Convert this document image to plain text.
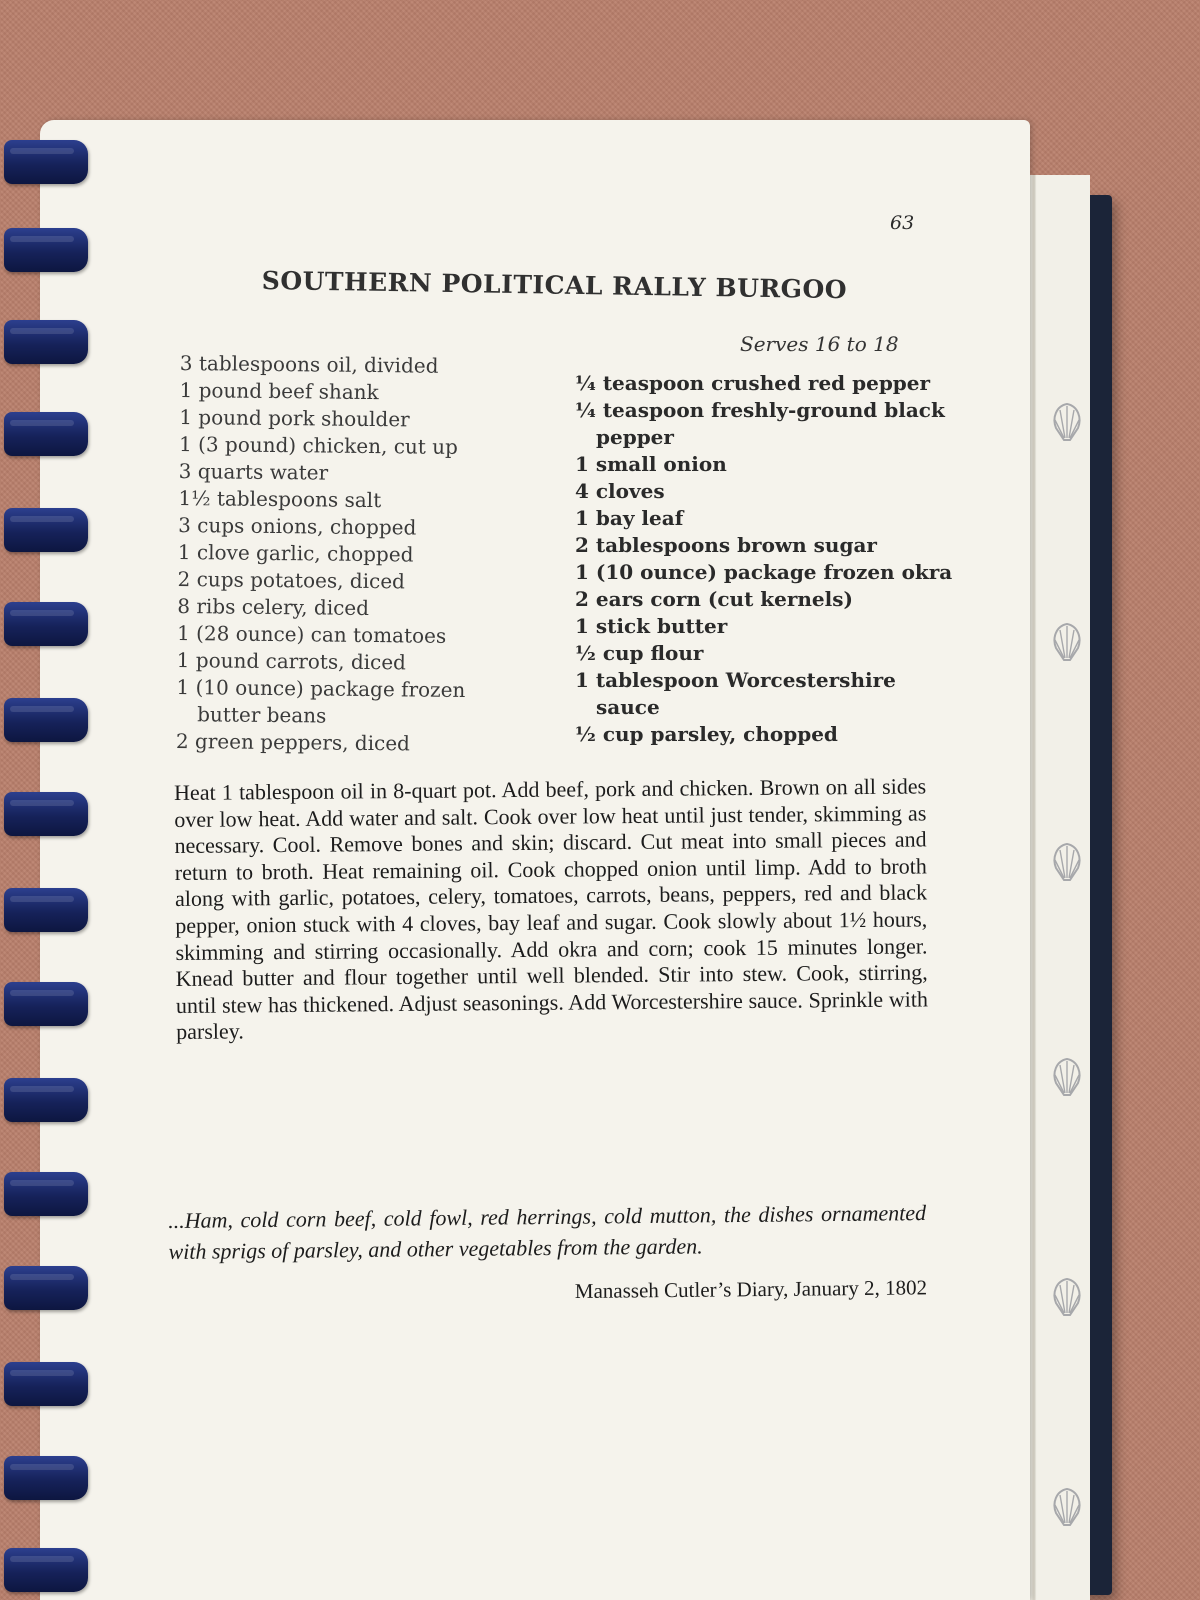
63
SOUTHERN POLITICAL RALLY BURGOO
Serves 16 to 18
3 tablespoons oil, divided
1 pound beef shank
1 pound pork shoulder
1 (3 pound) chicken, cut up
3 quarts water
1½ tablespoons salt
3 cups onions, chopped
1 clove garlic, chopped
2 cups potatoes, diced
8 ribs celery, diced
1 (28 ounce) can tomatoes
1 pound carrots, diced
1 (10 ounce) package frozen
butter beans
2 green peppers, diced
¼ teaspoon crushed red pepper
¼ teaspoon freshly-ground black
pepper
1 small onion
4 cloves
1 bay leaf
2 tablespoons brown sugar
1 (10 ounce) package frozen okra
2 ears corn (cut kernels)
1 stick butter
½ cup flour
1 tablespoon Worcestershire
sauce
½ cup parsley, chopped

Heat 1 tablespoon oil in 8-quart pot. Add beef, pork and chicken. Brown on all sides over low heat. Add water and salt. Cook over low heat until just tender, skimming as necessary. Cool. Remove bones and skin; discard. Cut meat into small pieces and return to broth. Heat remaining oil. Cook chopped onion until limp. Add to broth along with garlic, potatoes, celery, tomatoes, carrots, beans, peppers, red and black pepper, onion stuck with 4 cloves, bay leaf and sugar. Cook slowly about 1½ hours, skimming and stirring occasionally. Add okra and corn; cook 15 minutes longer. Knead butter and flour together until well blended. Stir into stew. Cook, stirring, until stew has thickened. Adjust seasonings. Add Worcestershire sauce. Sprinkle with parsley.

...Ham, cold corn beef, cold fowl, red herrings, cold mutton, the dishes ornamented with sprigs of parsley, and other vegetables from the garden.

Manasseh Cutler’s Diary, January 2, 1802
